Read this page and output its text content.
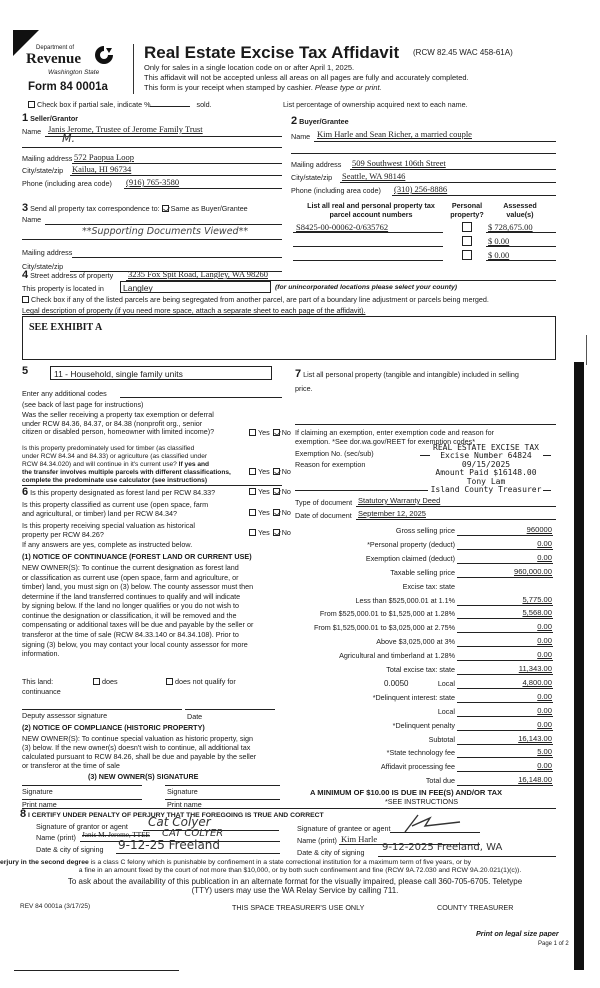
Department of
Revenue
Washington State
Form 84 0001a
Real Estate Excise Tax Affidavit (RCW 82.45 WAC 458-61A)
Only for sales in a single location code on or after April 1, 2025.
This affidavit will not be accepted unless all areas on all pages are fully and accurately completed.
This form is your receipt when stamped by cashier. Please type or print.
Check box if partial sale, indicate %	sold.	List percentage of ownership acquired next to each name.
1 Seller/Grantor
Name Janis Jerome, Trustee of Jerome Family Trust
M.
Mailing address 572 Paopua Loop
City/state/zip Kailua, HI 96734
Phone (including area code) (916) 765-3580
2 Buyer/Grantee
Name Kim Harle and Sean Richer, a married couple
Mailing address 509 Southwest 106th Street
City/state/zip Seattle, WA 98146
Phone (including area code) (310) 256-8886
3 Send all property tax correspondence to: Same as Buyer/Grantee
Name
**Supporting Documents Viewed**
Mailing address
City/state/zip
List all real and personal property tax
parcel account numbers
Personal
property?
Assessed
value(s)
S8425-00-00062-0/635762	$ 728,675.00
$ 0.00
$ 0.00
4 Street address of property 3235 Fox Spit Road, Langley, WA 98260
This property is located in Langley	(for unincorporated locations please select your county)
Check box if any of the listed parcels are being segregated from another parcel, are part of a boundary line adjustment or parcels being merged.
Legal description of property (if you need more space, attach a separate sheet to each page of the affidavit).
SEE EXHIBIT A
5	11 - Household, single family units
Enter any additional codes
(see back of last page for instructions)
Was the seller receiving a property tax exemption or deferral
under RCW 84.36, 84.37, or 84.38 (nonprofit org., senior
citizen or disabled person, homeowner with limited income)?
Is this property predominately used for timber (as classified
under RCW 84.34 and 84.33) or agriculture (as classified under
RCW 84.34.020) and will continue in it's current use? If yes and
the transfer involves multiple parcels with different classifications,
complete the predominate use calculator (see instructions)
6 Is this property designated as forest land per RCW 84.33?
Is this property classified as current use (open space, farm
and agricultural, or timber) land per RCW 84.34?
Is this property receiving special valuation as historical
property per RCW 84.26?
Yes No
Yes No
Yes No
Yes No
Yes No
If any answers are yes, complete as instructed below.
(1) NOTICE OF CONTINUANCE (FOREST LAND OR CURRENT USE)
NEW OWNER(S): To continue the current designation as forest land
or classification as current use (open space, farm and agriculture, or
timber) land, you must sign on (3) below. The county assessor must then
determine if the land transferred continues to qualify and will indicate
by signing below. If the land no longer qualifies or you do not wish to
continue the designation or classification, it will be removed and the
compensating or additional taxes will be due and payable by the seller or
transferor at the time of sale (RCW 84.33.140 or 84.34.108). Prior to
signing (3) below, you may contact your local county assessor for more
information.
This land:
continuance
does	does not qualify for
Deputy assessor signature	Date
(2) NOTICE OF COMPLIANCE (HISTORIC PROPERTY)
NEW OWNER(S): To continue special valuation as historic property, sign
(3) below. If the new owner(s) doesn't wish to continue, all additional tax
calculated pursuant to RCW 84.26, shall be due and payable by the seller
or transferor at the time of sale
(3) NEW OWNER(S) SIGNATURE
Signature	Signature
Print name	Print name
7 List all personal property (tangible and intangible) included in selling
price.
If claiming an exemption, enter exemption code and reason for
exemption. *See dor.wa.gov/REET for exemption codes*
Exemption No. (sec/sub)
Reason for exemption
REAL ESTATE EXCISE TAX
Excise Number 64824
09/15/2025
Amount Paid $16148.00
Tony Lam
Island County Treasurer
Type of document Statutory Warranty Deed
Date of document September 12, 2025
Gross selling price	960000
*Personal property (deduct)	0.00
Exemption claimed (deduct)	0.00
Taxable selling price	960,000.00
Excise tax: state
Less than $525,000.01 at 1.1%	5,775.00
From $525,000.01 to $1,525,000 at 1.28%	5,568.00
From $1,525,000.01 to $3,025,000 at 2.75%	0.00
Above $3,025,000 at 3%	0.00
Agricultural and timberland at 1.28%	0.00
Total excise tax: state	11,343.00
Local	4,800.00
*Delinquent interest: state	0.00
Local	0.00
*Delinquent penalty	0.00
Subtotal	16,143.00
*State technology fee	5.00
Affidavit processing fee	0.00
Total due	16,148.00
0.0050
A MINIMUM OF $10.00 IS DUE IN FEE(S) AND/OR TAX
*SEE INSTRUCTIONS
8 I CERTIFY UNDER PENALTY OF PERJURY THAT THE FOREGOING IS TRUE AND CORRECT
Signature of grantor or agent Cat Colyer
Name (print) Janis M. Jerome, TTEE CAT COLYER
Date & city of signing 9-12-25 Freeland
Signature of grantee or agent
Name (print) Kim Harle
Date & city of signing 9-12-2025 Freeland, WA
erjury in the second degree is a class C felony which is punishable by confinement in a state correctional institution for a maximum term of five years, or by
a fine in an amount fixed by the court of not more than $10,000, or by both such confinement and fine (RCW 9A.72.030 and RCW 9A.20.021(1)(c)).
To ask about the availability of this publication in an alternate format for the visually impaired, please call 360-705-6705. Teletype
(TTY) users may use the WA Relay Service by calling 711.
REV 84 0001a (3/17/25)	THIS SPACE TREASURER'S USE ONLY	COUNTY TREASURER
Print on legal size paper
Page 1 of 2
